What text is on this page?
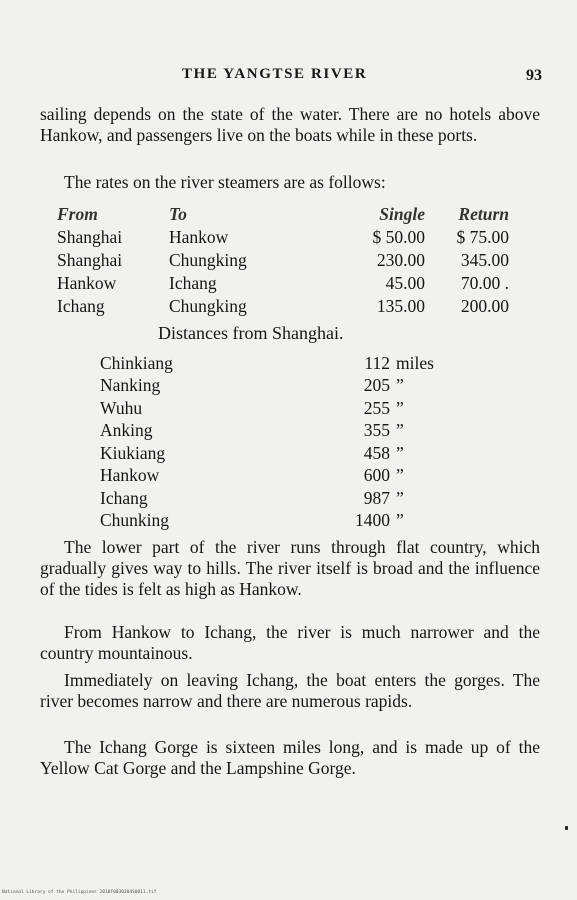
THE YANGTSE RIVER	93

sailing depends on the state of the water. There are no hotels above Hankow, and passengers live on the boats while in these ports.

The rates on the river steamers are as follows:

From	To	Single	Return
Shanghai	Hankow	$ 50.00	$ 75.00
Shanghai	Chungking	230.00	345.00
Hankow	Ichang	45.00	70.00 .
Ichang	Chungking	135.00	200.00
Distances from Shanghai.
Chinkiang	112	miles
Nanking	205	”
Wuhu	255	”
Anking	355	”
Kiukiang	458	”
Hankow	600	”
Ichang	987	”
Chunking	1400	”

The lower part of the river runs through flat country, which gradually gives way to hills. The river itself is broad and the influence of the tides is felt as high as Hankow.

From Hankow to Ichang, the river is much narrower and the country mountainous.

Immediately on leaving Ichang, the boat enters the gorges. The river becomes narrow and there are numerous rapids.

The Ichang Gorge is sixteen miles long, and is made up of the Yellow Cat Gorge and the Lampshine Gorge.

National Library of the Philippines 2010F0030304S0011.tif
